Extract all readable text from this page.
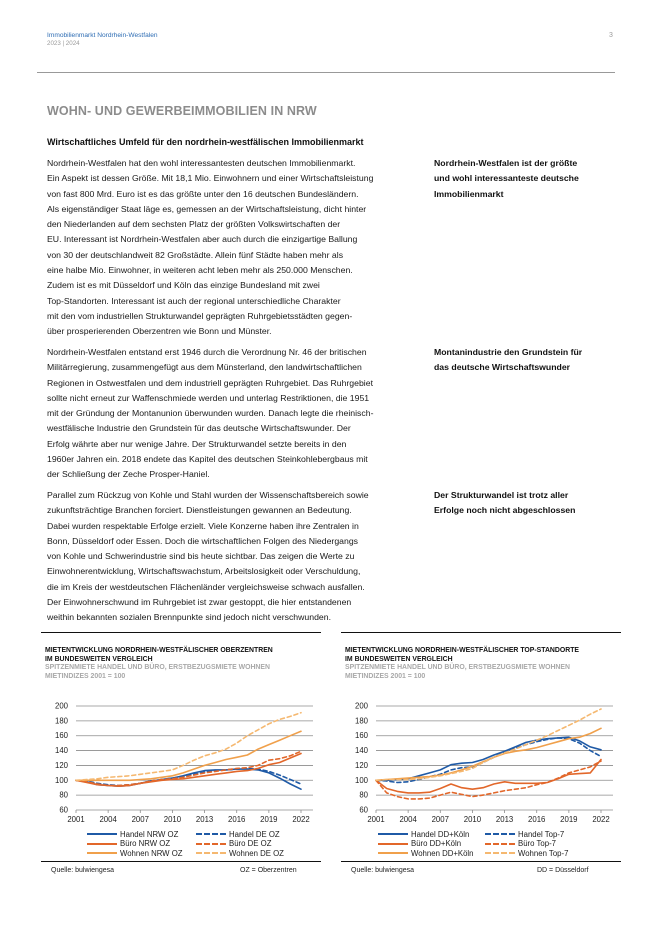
Immobilienmarkt Nordrhein-Westfalen
2023 | 2024
3
WOHN- UND GEWERBEIMMOBILIEN IN NRW
Wirtschaftliches Umfeld für den nordrhein-westfälischen Immobilienmarkt
Nordrhein-Westfalen hat den wohl interessantesten deutschen Immobilienmarkt.
Ein Aspekt ist dessen Größe. Mit 18,1 Mio. Einwohnern und einer Wirtschaftsleistung
von fast 800 Mrd. Euro ist es das größte unter den 16 deutschen Bundesländern.
Als eigenständiger Staat läge es, gemessen an der Wirtschaftsleistung, dicht hinter
den Niederlanden auf dem sechsten Platz der größten Volkswirtschaften der
EU. Interessant ist Nordrhein-Westfalen aber auch durch die einzigartige Ballung
von 30 der deutschlandweit 82 Großstädte. Allein fünf Städte haben mehr als
eine halbe Mio. Einwohner, in weiteren acht leben mehr als 250.000 Menschen.
Zudem ist es mit Düsseldorf und Köln das einzige Bundesland mit zwei
Top-Standorten. Interessant ist auch der regional unterschiedliche Charakter
mit den vom industriellen Strukturwandel geprägten Ruhrgebietsstädten gegen-
über prosperierenden Oberzentren wie Bonn und Münster.
Nordrhein-Westfalen ist der größte
und wohl interessanteste deutsche
Immobilienmarkt
Nordrhein-Westfalen entstand erst 1946 durch die Verordnung Nr. 46 der britischen
Militärregierung, zusammengefügt aus dem Münsterland, den landwirtschaftlichen
Regionen in Ostwestfalen und dem industriell geprägten Ruhrgebiet. Das Ruhrgebiet
sollte nicht erneut zur Waffenschmiede werden und unterlag Restriktionen, die 1951
mit der Gründung der Montanunion überwunden wurden. Danach legte die rheinisch-
westfälische Industrie den Grundstein für das deutsche Wirtschaftswunder. Der
Erfolg währte aber nur wenige Jahre. Der Strukturwandel setzte bereits in den
1960er Jahren ein. 2018 endete das Kapitel des deutschen Steinkohlebergbaus mit
der Schließung der Zeche Prosper-Haniel.
Montanindustrie den Grundstein für
das deutsche Wirtschaftswunder
Parallel zum Rückzug von Kohle und Stahl wurden der Wissenschaftsbereich sowie
zukunftsträchtige Branchen forciert. Dienstleistungen gewannen an Bedeutung.
Dabei wurden respektable Erfolge erzielt. Viele Konzerne haben ihre Zentralen in
Bonn, Düsseldorf oder Essen. Doch die wirtschaftlichen Folgen des Niedergangs
von Kohle und Schwerindustrie sind bis heute sichtbar. Das zeigen die Werte zu
Einwohnerentwicklung, Wirtschaftswachstum, Arbeitslosigkeit oder Verschuldung,
die im Kreis der westdeutschen Flächenländer vergleichsweise schwach ausfallen.
Der Einwohnerschwund im Ruhrgebiet ist zwar gestoppt, die hier entstandenen
weithin bekannten sozialen Brennpunkte sind jedoch nicht verschwunden.
Der Strukturwandel ist trotz aller
Erfolge noch nicht abgeschlossen
MIETENTWICKLUNG NORDRHEIN-WESTFÄLISCHER OBERZENTREN
IM BUNDESWEITEN VERGLEICH
SPITZENMIETE HANDEL UND BÜRO, ERSTBEZUGSMIETE WOHNEN
MIETINDIZES 2001 = 100
60
80
100
120
140
160
180
200
2001 2004 2007 2010 2013 2016 2019 2022
Handel NRW OZ	Handel DE OZ
Büro NRW OZ	Büro DE OZ
Wohnen NRW OZ	Wohnen DE OZ
Quelle: bulwiengesa	OZ = Oberzentren
MIETENTWICKLUNG NORDRHEIN-WESTFÄLISCHER TOP-STANDORTE
IM BUNDESWEITEN VERGLEICH
SPITZENMIETE HANDEL UND BÜRO, ERSTBEZUGSMIETE WOHNEN
MIETINDIZES 2001 = 100
60
80
100
120
140
160
180
200
2001 2004 2007 2010 2013 2016 2019 2022
Handel DD+Köln	Handel Top-7
Büro DD+Köln	Büro Top-7
Wohnen DD+Köln	Wohnen Top-7
Quelle: bulwiengesa	DD = Düsseldorf
